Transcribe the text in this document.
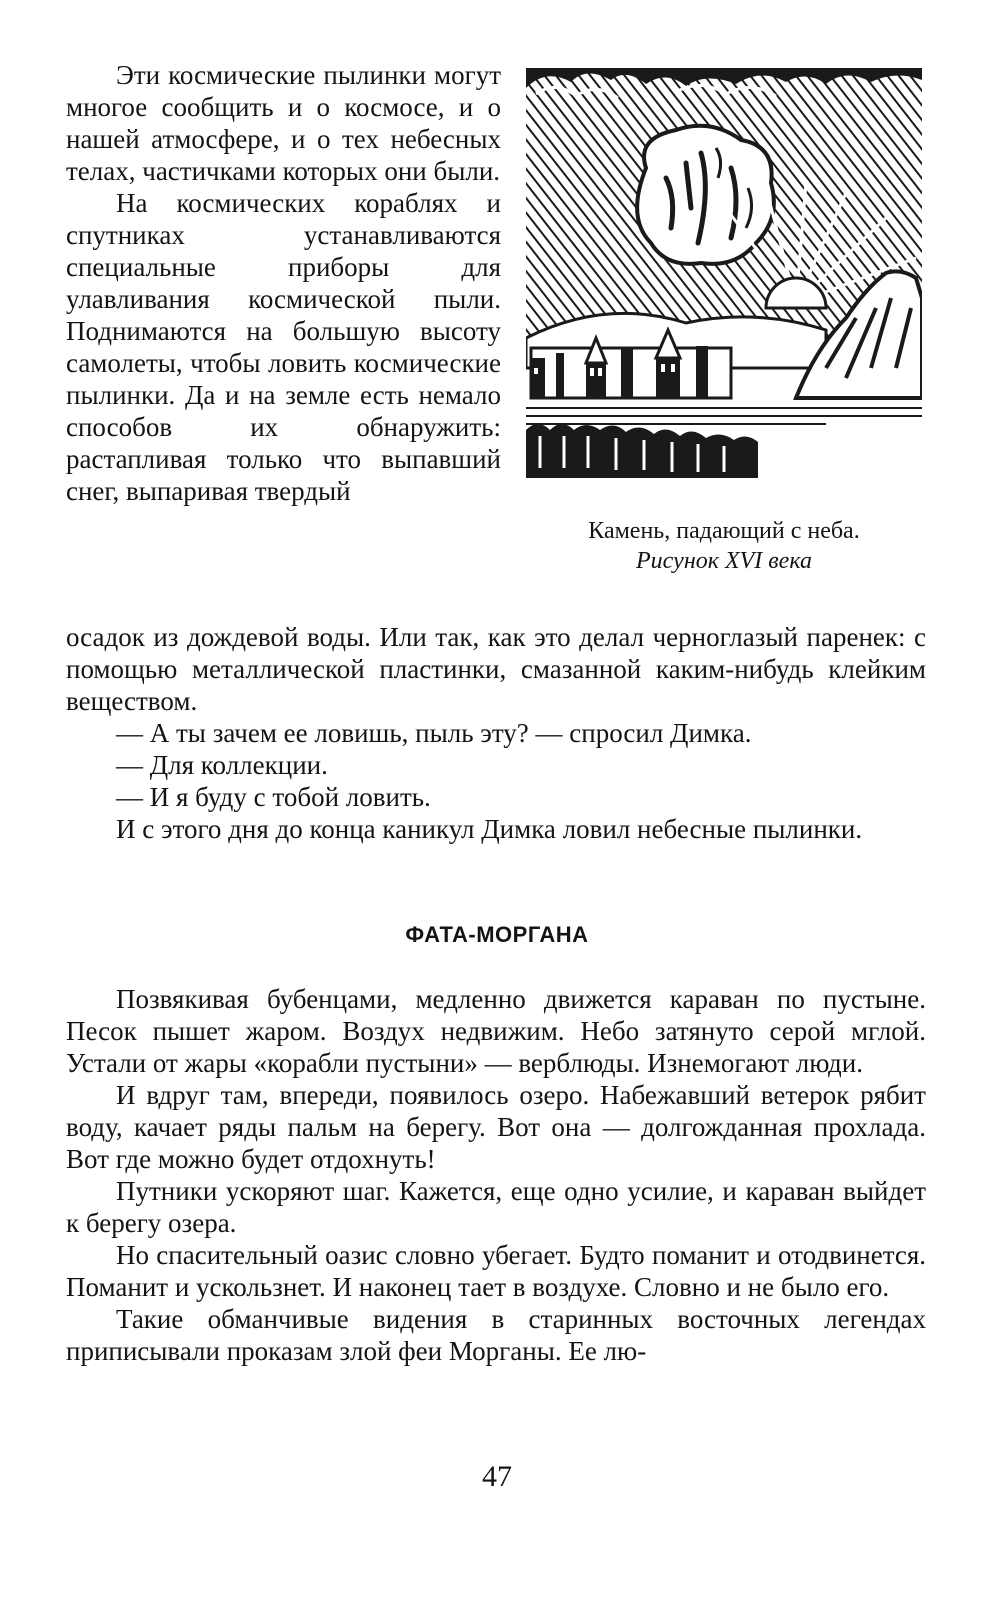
Камень, падающий с неба.
Рисунок XVI века

Эти космические пылинки могут многое сообщить и о космосе, и о нашей атмосфере, и о тех небесных телах, частичками которых они были.

На космических кораблях и спутниках устанавливаются специальные приборы для улавливания космической пыли. Поднимаются на большую высоту самолеты, чтобы ловить космические пылинки. Да и на земле есть немало способов их обнаружить: растапливая только что выпавший снег, выпаривая твердый

осадок из дождевой воды. Или так, как это делал черноглазый паренек: с помощью металлической пластинки, смазанной каким-нибудь клейким веществом.

— А ты зачем ее ловишь, пыль эту? — спросил Димка.

— Для коллекции.

— И я буду с тобой ловить.

И с этого дня до конца каникул Димка ловил небесные пылинки.

ФАТА-МОРГАНА

Позвякивая бубенцами, медленно движется караван по пустыне. Песок пышет жаром. Воздух недвижим. Небо затянуто серой мглой. Устали от жары «корабли пустыни» — верблюды. Изнемогают люди.

И вдруг там, впереди, появилось озеро. Набежавший ветерок рябит воду, качает ряды пальм на берегу. Вот она — долгожданная прохлада. Вот где можно будет отдохнуть!

Путники ускоряют шаг. Кажется, еще одно усилие, и караван выйдет к берегу озера.

Но спасительный оазис словно убегает. Будто поманит и отодвинется. Поманит и ускользнет. И наконец тает в воздухе. Словно и не было его.

Такие обманчивые видения в старинных восточных легендах приписывали проказам злой феи Морганы. Ее лю-

47
